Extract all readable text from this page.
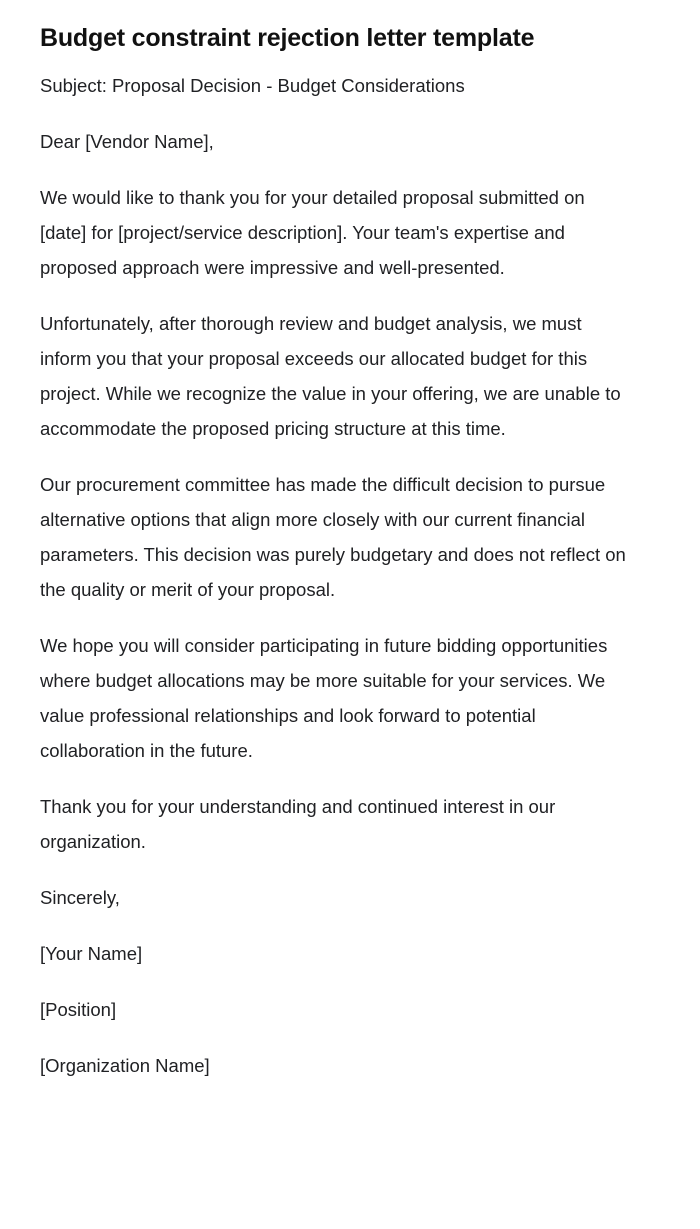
Budget constraint rejection letter template

Subject: Proposal Decision - Budget Considerations

Dear [Vendor Name],

We would like to thank you for your detailed proposal submitted on [date] for [project/service description]. Your team's expertise and proposed approach were impressive and well-presented.

Unfortunately, after thorough review and budget analysis, we must inform you that your proposal exceeds our allocated budget for this project. While we recognize the value in your offering, we are unable to accommodate the proposed pricing structure at this time.

Our procurement committee has made the difficult decision to pursue alternative options that align more closely with our current financial parameters. This decision was purely budgetary and does not reflect on the quality or merit of your proposal.

We hope you will consider participating in future bidding opportunities where budget allocations may be more suitable for your services. We value professional relationships and look forward to potential collaboration in the future.

Thank you for your understanding and continued interest in our organization.

Sincerely,

[Your Name]

[Position]

[Organization Name]
